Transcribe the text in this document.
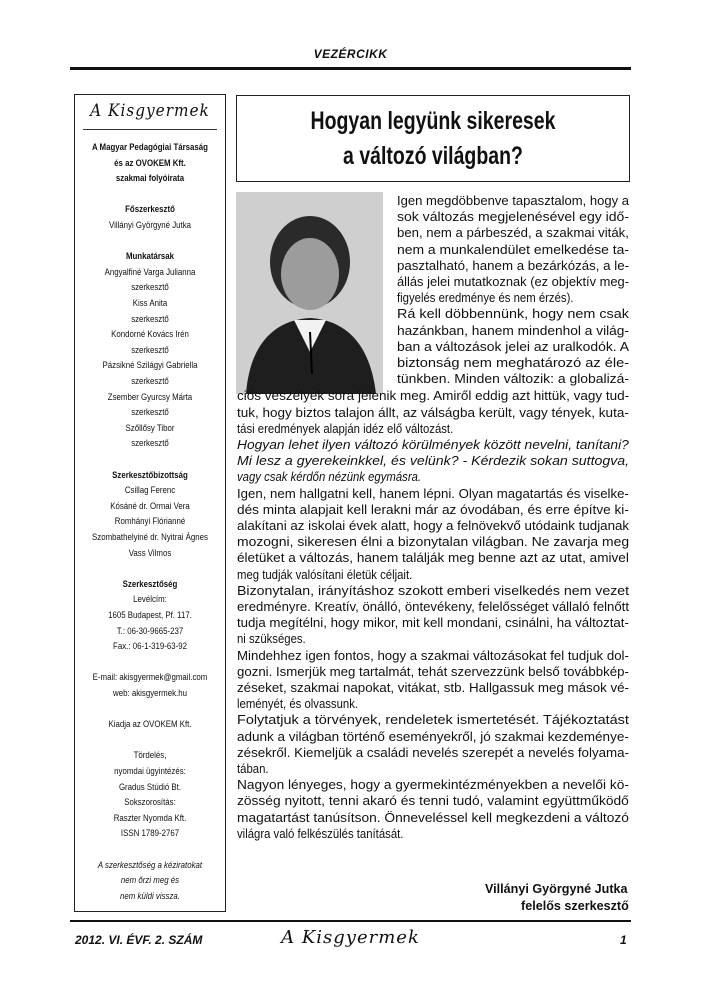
VEZÉRCIKK
A Kisgyermek
A Magyar Pedagógiai Társaság
és az OVOKEM Kft.
szakmai folyóirata
Főszerkesztő
Villányi Györgyné Jutka
Munkatársak
Angyalfiné Varga Julianna
szerkesztő
Kiss Anita
szerkesztő
Kondorné Kovács Irén
szerkesztő
Pázsikné Szilágyi Gabriella
szerkesztő
Zsember Gyurcsy Márta
szerkesztő
Szőllősy Tibor
szerkesztő
Szerkesztőbizottság
Csillag Ferenc
Kósáné dr. Ormai Vera
Romhányi Flórianné
Szombathelyiné dr. Nyitrai Ágnes
Vass Vilmos
Szerkesztőség
Levélcím:
1605 Budapest, Pf. 117.
T.: 06-30-9665-237
Fax.: 06-1-319-63-92
E-mail: akisgyermek@gmail.com
web: akisgyermek.hu
Kiadja az OVOKEM Kft.
Tördelés,
nyomdai ügyintézés:
Gradus Stúdió Bt.
Sokszorosítás:
Raszter Nyomda Kft.
ISSN 1789-2767
A szerkesztőség a kéziratokat
nem őrzi meg és
nem küldi vissza.
Hogyan legyünk sikeresek
a változó világban?
Igen megdöbbenve tapasztalom, hogy a
sok változás megjelenésével egy idő-
ben, nem a párbeszéd, a szakmai viták,
nem a munkalendület emelkedése ta-
pasztalható, hanem a bezárkózás, a le-
állás jelei mutatkoznak (ez objektív meg-
figyelés eredménye és nem érzés).
Rá kell döbbennünk, hogy nem csak
hazánkban, hanem mindenhol a világ-
ban a változások jelei az uralkodók. A
biztonság nem meghatározó az éle-
tünkben. Minden változik: a globalizá-
ciós veszélyek sora jelenik meg. Amiről eddig azt hittük, vagy tud-
tuk, hogy biztos talajon állt, az válságba került, vagy tények, kuta-
tási eredmények alapján idéz elő változást.
Hogyan lehet ilyen változó körülmények között nevelni, tanítani?
Mi lesz a gyerekeinkkel, és velünk? - Kérdezik sokan suttogva,
vagy csak kérdőn nézünk egymásra.
Igen, nem hallgatni kell, hanem lépni. Olyan magatartás és viselke-
dés minta alapjait kell lerakni már az óvodában, és erre építve ki-
alakítani az iskolai évek alatt, hogy a felnövekvő utódaink tudjanak
mozogni, sikeresen élni a bizonytalan világban. Ne zavarja meg
életüket a változás, hanem találják meg benne azt az utat, amivel
meg tudják valósítani életük céljait.
Bizonytalan, irányításhoz szokott emberi viselkedés nem vezet
eredményre. Kreatív, önálló, öntevékeny, felelősséget vállaló felnőtt
tudja megítélni, hogy mikor, mit kell mondani, csinálni, ha változtat-
ni szükséges.
Mindehhez igen fontos, hogy a szakmai változásokat fel tudjuk dol-
gozni. Ismerjük meg tartalmát, tehát szervezzünk belső továbbkép-
zéseket, szakmai napokat, vitákat, stb. Hallgassuk meg mások vé-
leményét, és olvassunk.
Folytatjuk a törvények, rendeletek ismertetését. Tájékoztatást
adunk a világban történő eseményekről, jó szakmai kezdeménye-
zésekről. Kiemeljük a családi nevelés szerepét a nevelés folyama-
tában.
Nagyon lényeges, hogy a gyermekintézményekben a nevelői kö-
zösség nyitott, tenni akaró és tenni tudó, valamint együttműködő
magatartást tanúsítson. Önneveléssel kell megkezdeni a változó
világra való felkészülés tanítását.
Villányi Györgyné Jutka
felelős szerkesztő
2012. VI. ÉVF. 2. SZÁM	A Kisgyermek	1
